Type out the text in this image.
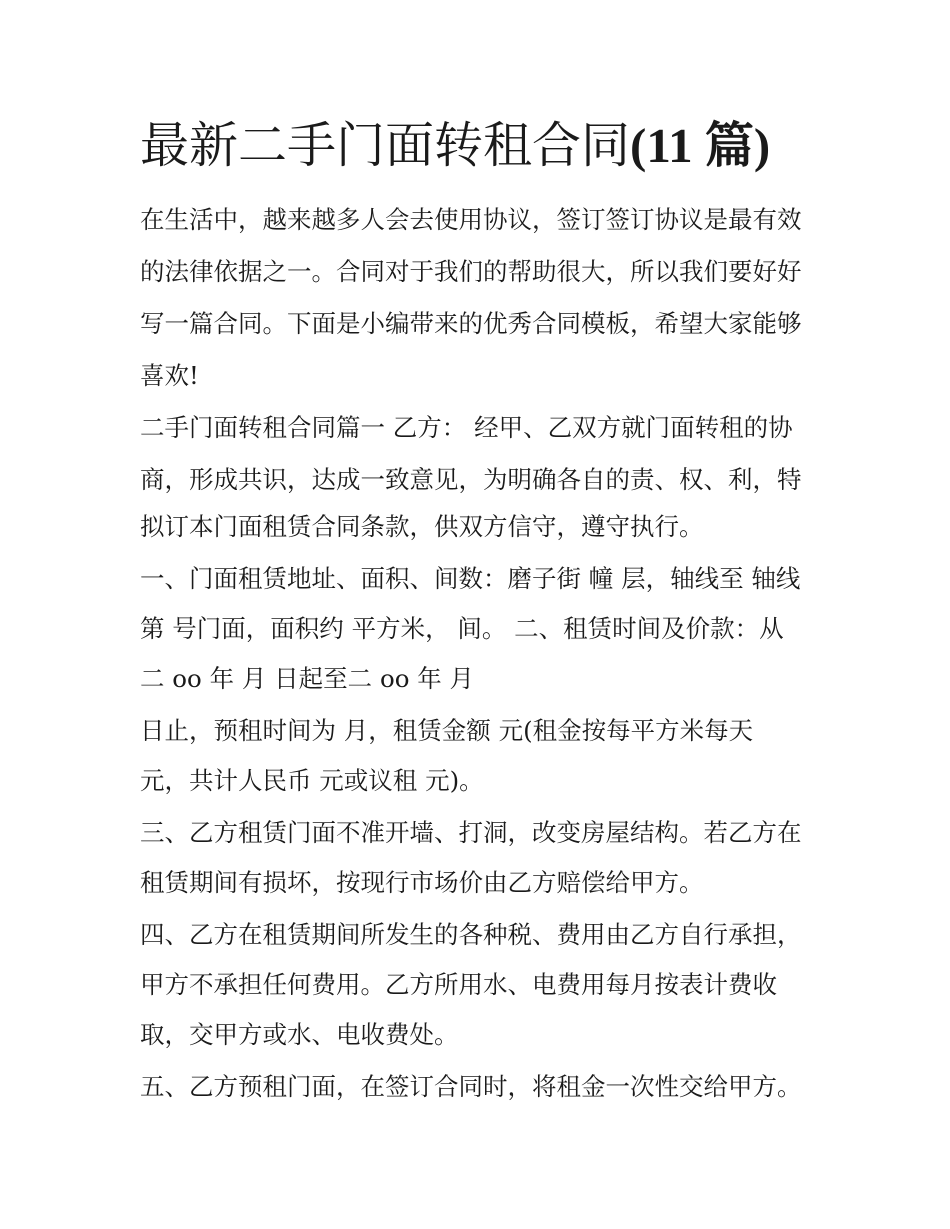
最新二手门面转租合同(11 篇)

在生活中，越来越多人会去使用协议，签订签订协议是最有效

的法律依据之一。合同对于我们的帮助很大，所以我们要好好

写一篇合同。下面是小编带来的优秀合同模板，希望大家能够

喜欢!

二手门面转租合同篇一 乙方： 经甲、乙双方就门面转租的协

商，形成共识，达成一致意见，为明确各自的责、权、利，特

拟订本门面租赁合同条款，供双方信守，遵守执行。

一、门面租赁地址、面积、间数：磨子街 幢 层，轴线至 轴线

第 号门面，面积约 平方米， 间。 二、租赁时间及价款：从

二 oo 年 月 日起至二 oo 年 月

日止，预租时间为 月，租赁金额 元(租金按每平方米每天

元，共计人民币 元或议租 元)。

三、乙方租赁门面不准开墙、打洞，改变房屋结构。若乙方在

租赁期间有损坏，按现行市场价由乙方赔偿给甲方。

四、乙方在租赁期间所发生的各种税、费用由乙方自行承担，

甲方不承担任何费用。乙方所用水、电费用每月按表计费收

取，交甲方或水、电收费处。

五、乙方预租门面，在签订合同时，将租金一次性交给甲方。
